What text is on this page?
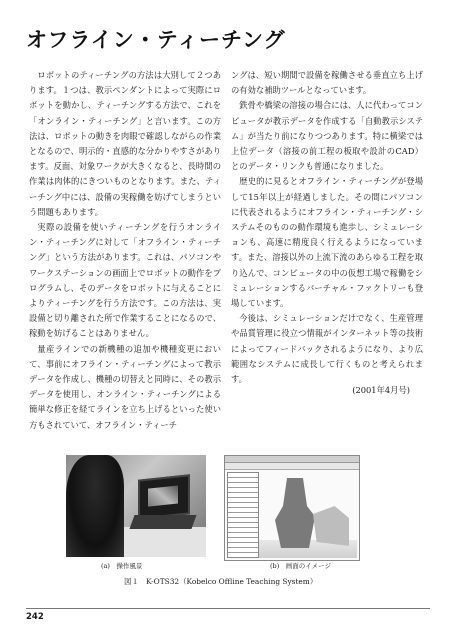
オフライン・ティーチング

ロボットのティーチングの方法は大別して２つあります。１つは、教示ペンダントによって実際にロボットを動かし、ティーチングする方法で、これを「オンライン・ティーチング」と言います。この方法は、ロボットの動きを肉眼で確認しながらの作業となるので、明示的・直感的な分かりやすさがあります。反面、対象ワークが大きくなると、長時間の作業は肉体的にきついものとなります。また、ティーチング中には、設備の実稼働を妨げてしまうという問題もあります。

実際の設備を使いティーチングを行うオンライン・ティーチングに対して「オフライン・ティーチング」という方法があります。これは、パソコンやワークステーションの画面上でロボットの動作をプログラムし、そのデータをロボットに与えることによりティーチングを行う方法です。この方法は、実設備と切り離された所で作業することになるので、稼動を妨げることはありません。

量産ラインでの新機種の追加や機種変更において、事前にオフライン・ティーチングによって教示データを作成し、機種の切替えと同時に、その教示データを使用し、オンライン・ティーチングによる簡単な修正を経てラインを立ち上げるといった使い方もされていて、オフライン・ティーチ

ングは、短い期間で設備を稼働させる垂直立ち上げの有効な補助ツールとなっています。

鉄骨や橋梁の溶接の場合には、人に代わってコンピュータが教示データを作成する「自動教示システム」が当たり前になりつつあります。特に横梁では上位データ（溶接の前工程の板取や設計のCAD）とのデータ・リンクも普通になりました。

歴史的に見るとオフライン・ティーチングが登場して15年以上が経過しました。その間にパソコンに代表されるようにオフライン・ティーチング・システムそのものの動作環境も進歩し、シミュレーションも、高速に精度良く行えるようになっています。また、溶接以外の上流下流のあらゆる工程を取り込んで、コンピュータの中の仮想工場で稼働をシミュレーションするバーチャル・ファクトリーも登場しています。

今後は、シミュレーションだけでなく、生産管理や品質管理に役立つ情報がインターネット等の技術によってフィードバックされるようになり、より広範囲なシステムに成長して行くものと考えられます。

(2001年4月号)
(a)　操作風景	(b)　画面のイメージ
図１　K-OTS32（Kobelco Offline Teaching System）
242
